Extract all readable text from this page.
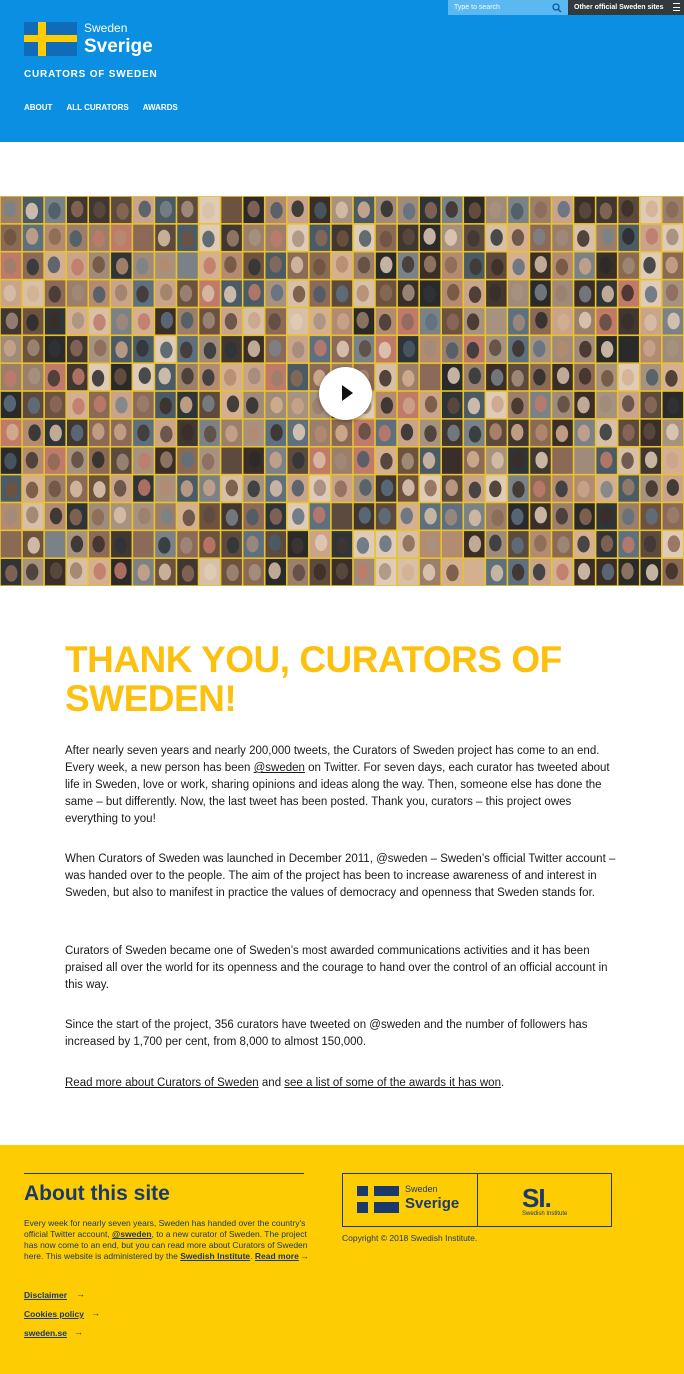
Type to search
Other official Sweden sites
Sweden
Sverige
CURATORS OF SWEDEN
ABOUT ALL CURATORS AWARDS
THANK YOU, CURATORS OF SWEDEN!

After nearly seven years and nearly 200,000 tweets, the Curators of Sweden project has come to an end. Every week, a new person has been @sweden on Twitter. For seven days, each curator has tweeted about life in Sweden, love or work, sharing opinions and ideas along the way. Then, someone else has done the same – but differently. Now, the last tweet has been posted. Thank you, curators – this project owes everything to you!

When Curators of Sweden was launched in December 2011, @sweden – Sweden’s official Twitter account – was handed over to the people. The aim of the project has been to increase awareness of and interest in Sweden, but also to manifest in practice the values of democracy and openness that Sweden stands for.

Curators of Sweden became one of Sweden’s most awarded communications activities and it has been praised all over the world for its openness and the courage to hand over the control of an official account in this way.

Since the start of the project, 356 curators have tweeted on @sweden and the number of followers has increased by 1,700 per cent, from 8,000 to almost 150,000.

Read more about Curators of Sweden and see a list of some of the awards it has won.

About this site

Every week for nearly seven years, Sweden has handed over the country's official Twitter account, @sweden, to a new curator of Sweden. The project has now come to an end, but you can read more about Curators of Sweden here. This website is administered by the Swedish Institute. Read more→

Disclaimer →
Cookies policy →
sweden.se →
Sweden
Sverige SI.
Swedish Institute
Copyright © 2018 Swedish Institute.
